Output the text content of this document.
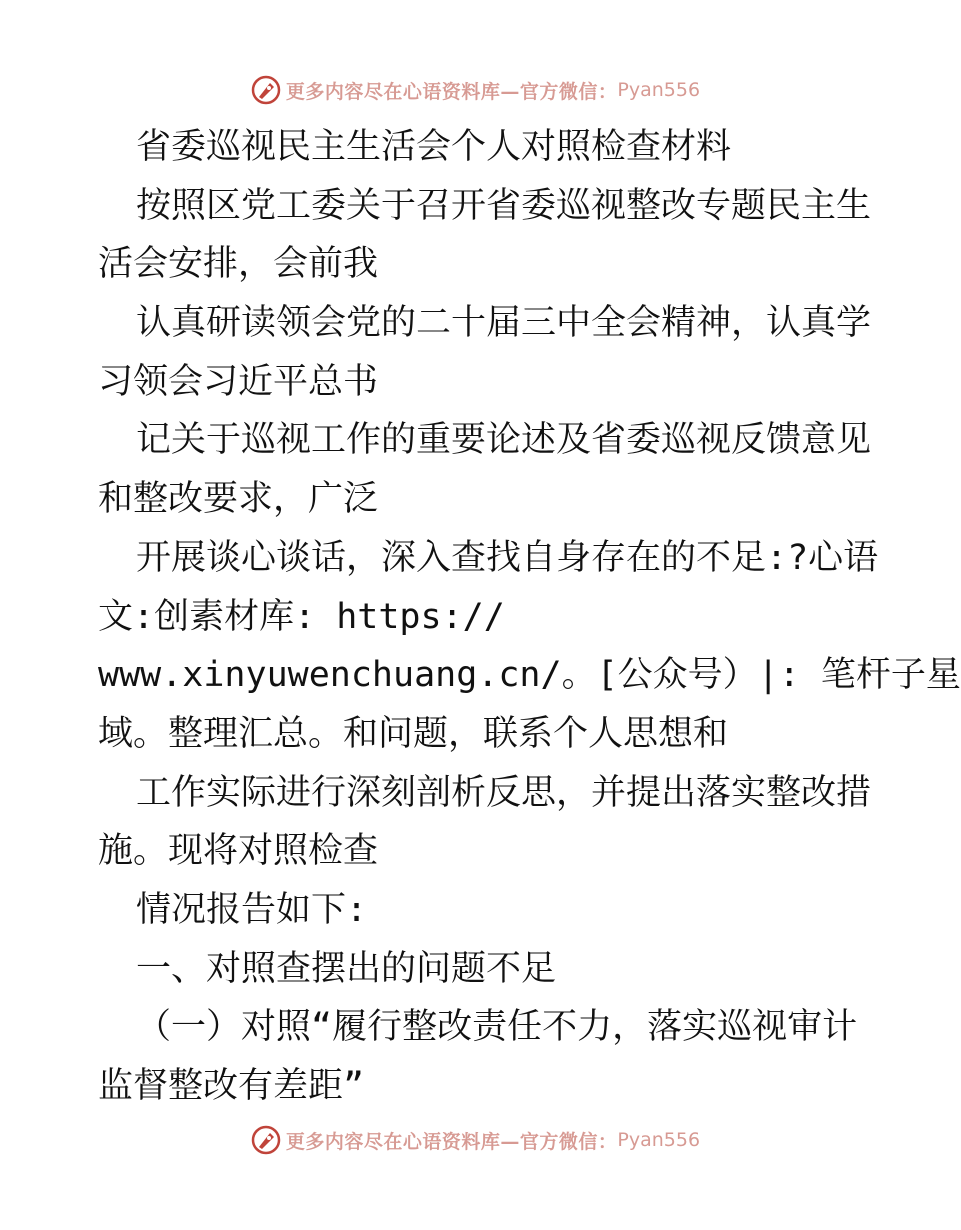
更多内容尽在心语资料库—官方微信： Pyan556
省委巡视民主生活会个人对照检查材料
按照区党工委关于召开省委巡视整改专题民主生
活会安排，会前我
认真研读领会党的二十届三中全会精神，认真学
习领会习近平总书
记关于巡视工作的重要论述及省委巡视反馈意见
和整改要求，广泛
开展谈心谈话，深入查找自身存在的不足:?心语
文:创素材库: https://
www.xinyuwenchuang.cn/。[公众号）|: 笔杆子星
域。整理汇总。和问题，联系个人思想和
工作实际进行深刻剖析反思，并提出落实整改措
施。现将对照检查
情况报告如下:
一、对照查摆出的问题不足
（一）对照“履行整改责任不力，落实巡视审计
监督整改有差距”
更多内容尽在心语资料库—官方微信： Pyan556
